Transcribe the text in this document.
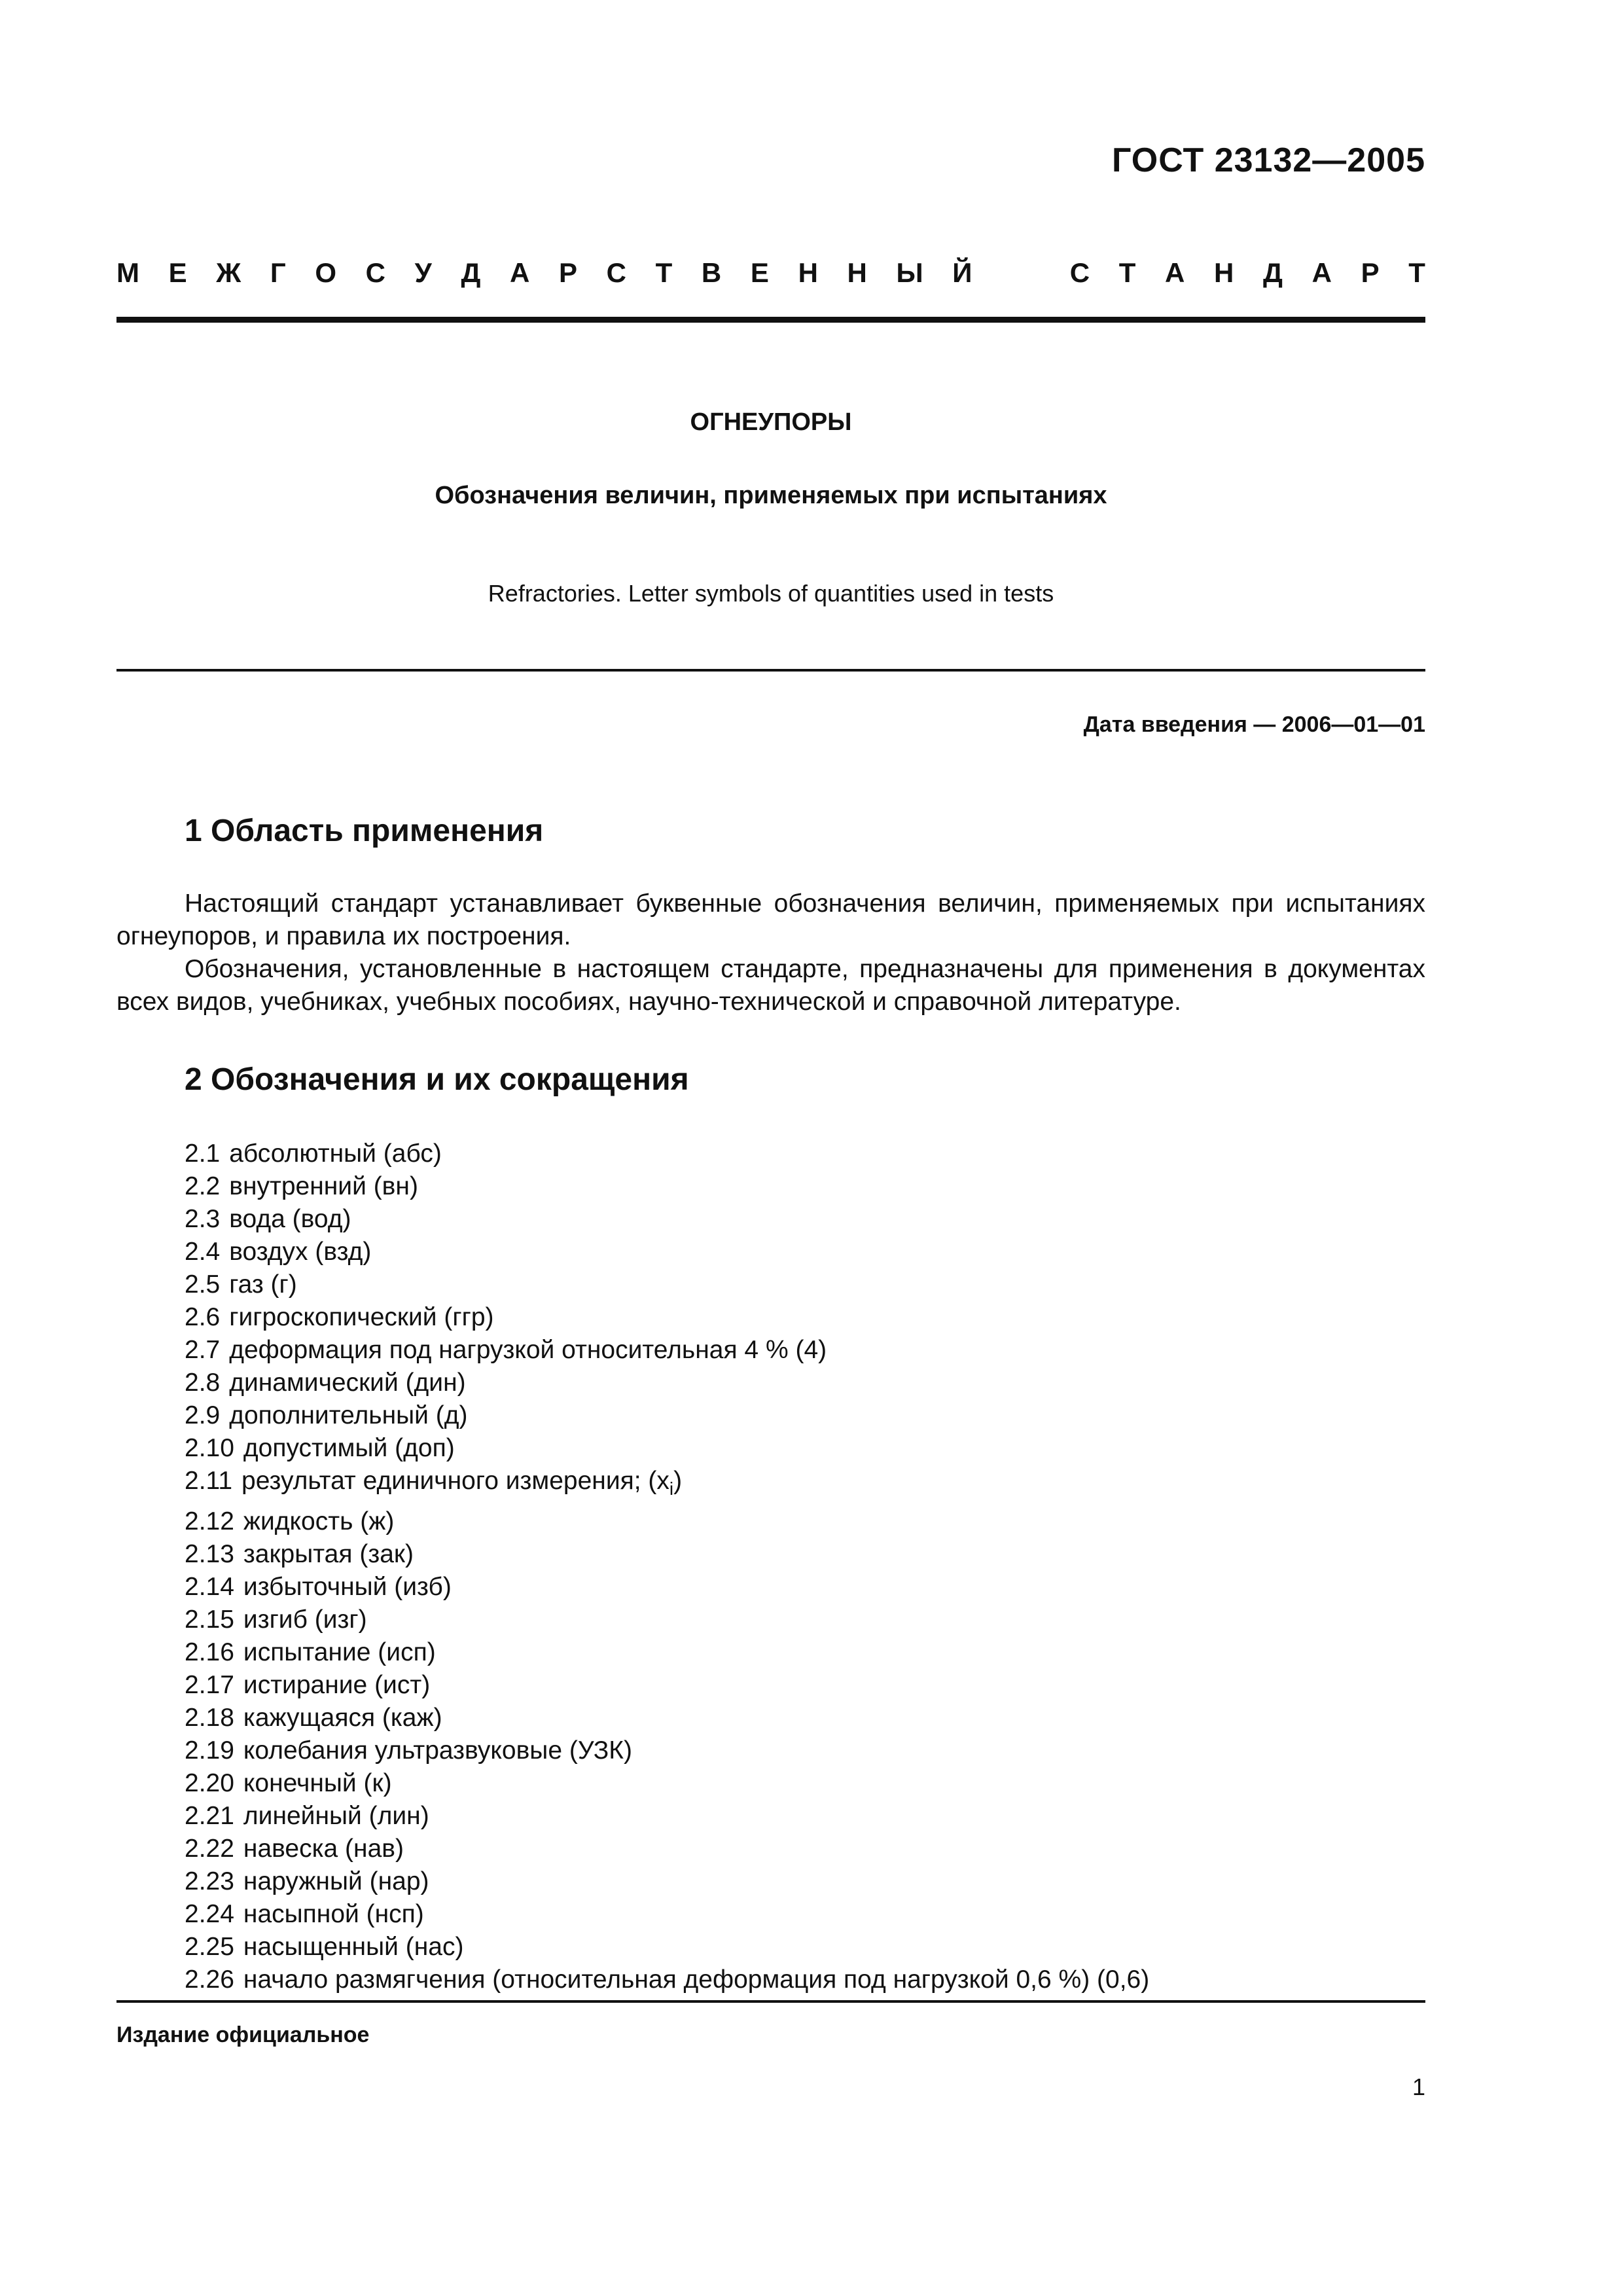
ГОСТ 23132—2005
М Е Ж Г О С У Д А Р С Т В Е Н Н Ы Й	С Т А Н Д А Р Т
ОГНЕУПОРЫ
Обозначения величин, применяемых при испытаниях
Refractories. Letter symbols of quantities used in tests
Дата введения — 2006—01—01
1 Область применения
Настоящий стандарт устанавливает буквенные обозначения величин, применяемых при испытаниях огнеупоров, и правила их построения.
Обозначения, установленные в настоящем стандарте, предназначены для применения в документах всех видов, учебниках, учебных пособиях, научно-технической и справочной литературе.
2 Обозначения и их сокращения
2.1 абсолютный (абс)
2.2 внутренний (вн)
2.3 вода (вод)
2.4 воздух (взд)
2.5 газ (г)
2.6 гигроскопический (ггр)
2.7 деформация под нагрузкой относительная 4 % (4)
2.8 динамический (дин)
2.9 дополнительный (д)
2.10 допустимый (доп)
2.11 результат единичного измерения; $(x_i)$
2.12 жидкость (ж)
2.13 закрытая (зак)
2.14 избыточный (изб)
2.15 изгиб (изг)
2.16 испытание (исп)
2.17 истирание (ист)
2.18 кажущаяся (каж)
2.19 колебания ультразвуковые (УЗК)
2.20 конечный (к)
2.21 линейный (лин)
2.22 навеска (нав)
2.23 наружный (нар)
2.24 насыпной (нсп)
2.25 насыщенный (нас)
2.26 начало размягчения (относительная деформация под нагрузкой 0,6 %) (0,6)
Издание официальное
1
